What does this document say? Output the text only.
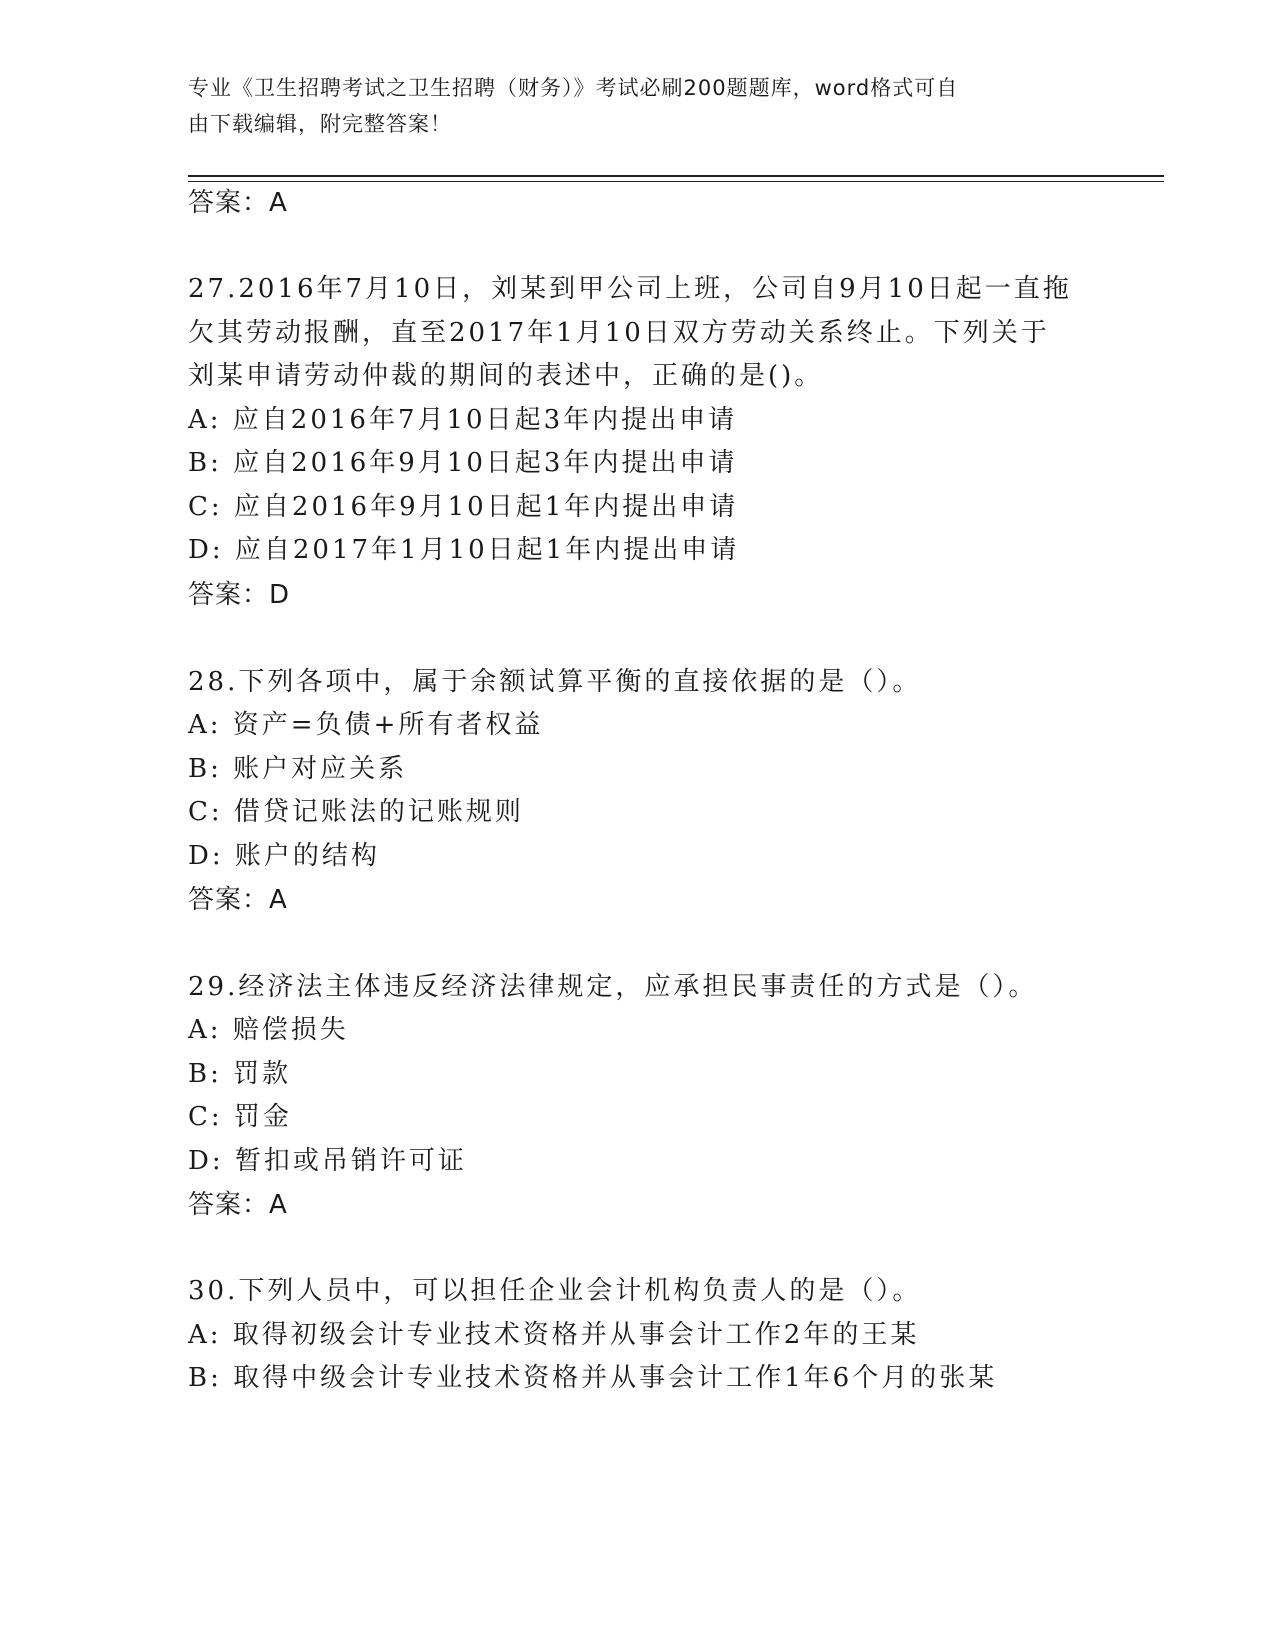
专业《卫生招聘考试之卫生招聘（财务）》考试必刷200题题库，word格式可自
由下载编辑，附完整答案！
答案：A
27.2016年7月10日，刘某到甲公司上班，公司自9月10日起一直拖
欠其劳动报酬，直至2017年1月10日双方劳动关系终止。下列关于
刘某申请劳动仲裁的期间的表述中，正确的是()。
A: 应自2016年7月10日起3年内提出申请
B: 应自2016年9月10日起3年内提出申请
C: 应自2016年9月10日起1年内提出申请
D: 应自2017年1月10日起1年内提出申请
答案：D
28.下列各项中，属于余额试算平衡的直接依据的是（）。
A: 资产=负债+所有者权益
B: 账户对应关系
C: 借贷记账法的记账规则
D: 账户的结构
答案：A
29.经济法主体违反经济法律规定，应承担民事责任的方式是（）。
A: 赔偿损失
B: 罚款
C: 罚金
D: 暂扣或吊销许可证
答案：A
30.下列人员中，可以担任企业会计机构负责人的是（）。
A: 取得初级会计专业技术资格并从事会计工作2年的王某
B: 取得中级会计专业技术资格并从事会计工作1年6个月的张某
